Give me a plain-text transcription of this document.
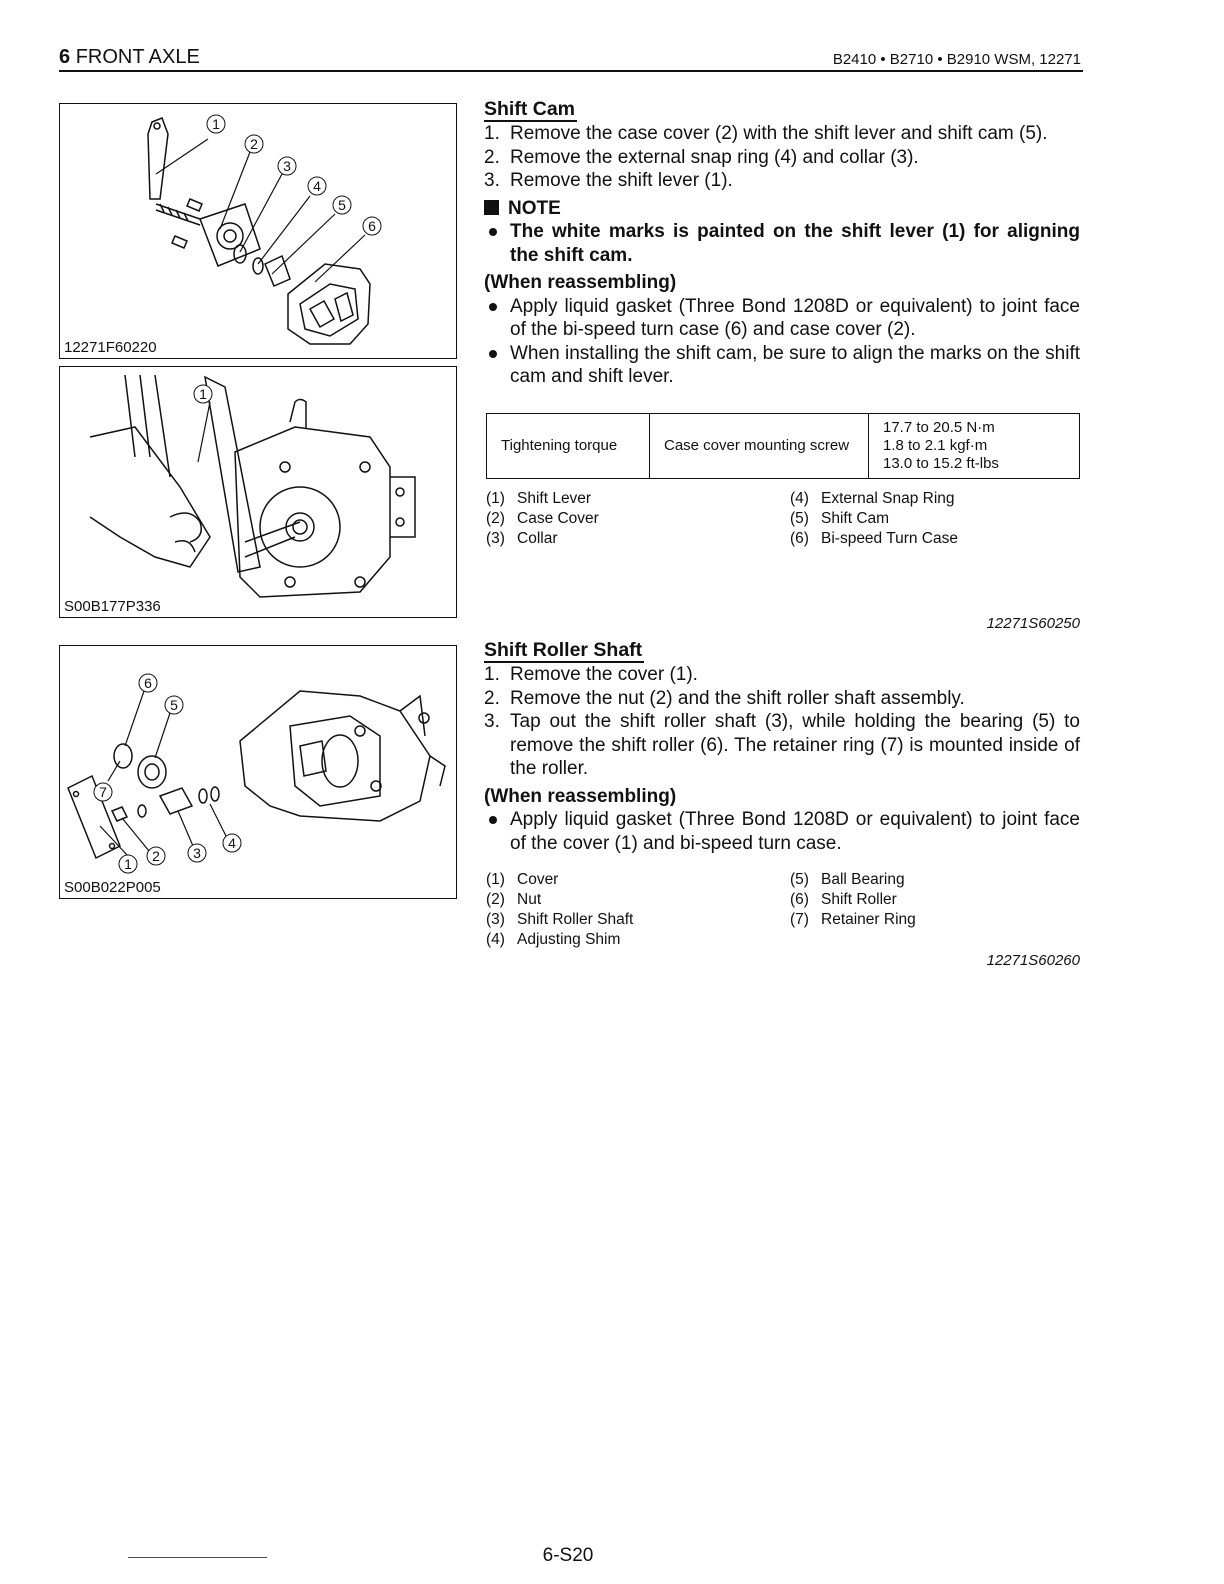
6 FRONT AXLE	B2410 • B2710 • B2910 WSM, 12271
1
2
3
4
5
6
12271F60220
1
S00B177P336
6
5
7
1 2 3
4
S00B022P005
Shift Cam
1. Remove the case cover (2) with the shift lever and shift cam (5).
2. Remove the external snap ring (4) and collar (3).
3. Remove the shift lever (1).
NOTE
The white marks is painted on the shift lever (1) for aligning the shift cam.
(When reassembling)
Apply liquid gasket (Three Bond 1208D or equivalent) to joint face of the bi-speed turn case (6) and case cover (2).
When installing the shift cam, be sure to align the marks on the shift cam and shift lever.
Tightening torque	Case cover mounting screw	
17.7 to 20.5 N·m
1.8 to 2.1 kgf·m
13.0 to 15.2 ft-lbs
(1) Shift Lever
(2) Case Cover
(3) Collar
(4) External Snap Ring
(5) Shift Cam
(6) Bi-speed Turn Case
12271S60250
Shift Roller Shaft
1. Remove the cover (1).
2. Remove the nut (2) and the shift roller shaft assembly.
3. Tap out the shift roller shaft (3), while holding the bearing (5) to remove the shift roller (6). The retainer ring (7) is mounted inside of the roller.
(When reassembling)
Apply liquid gasket (Three Bond 1208D or equivalent) to joint face of the cover (1) and bi-speed turn case.
(1) Cover
(2) Nut
(3) Shift Roller Shaft
(4) Adjusting Shim
(5) Ball Bearing
(6) Shift Roller
(7) Retainer Ring
12271S60260
6-S20
